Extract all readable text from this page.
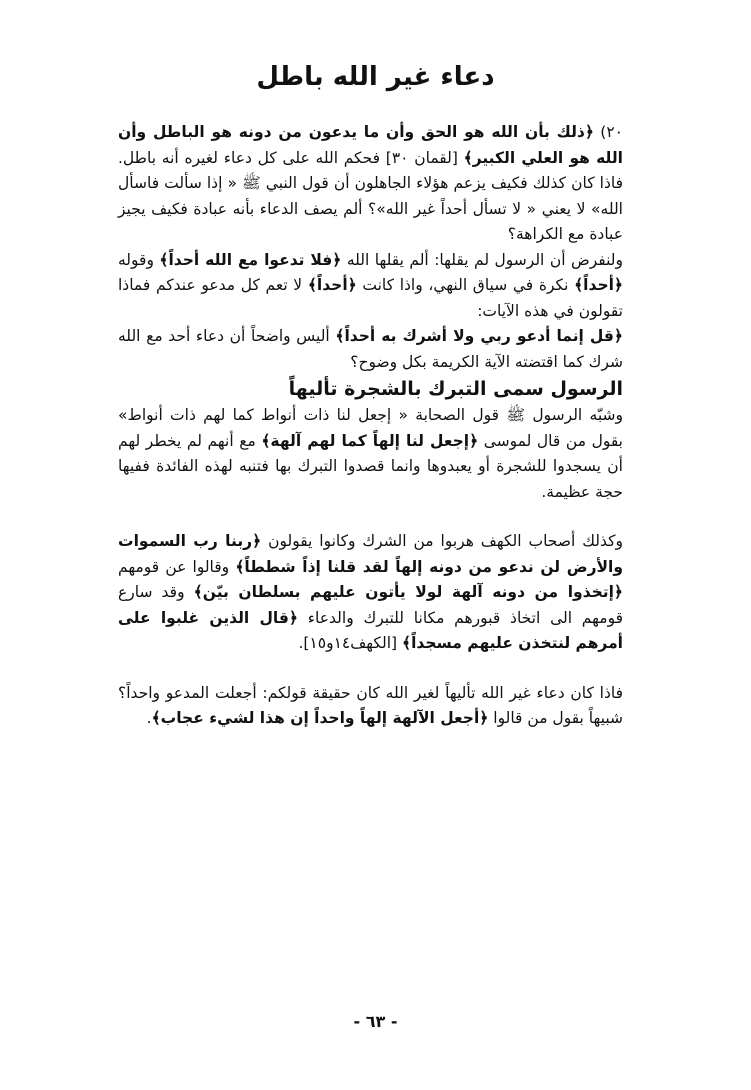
دعاء غير الله باطل

٢٠) ﴿ذلك بأن الله هو الحق وأن ما يدعون من دونه هو الباطل وأن الله هو العلي الكبير﴾ [لقمان ٣٠] فحكم الله على كل دعاء لغيره أنه باطل. فاذا كان كذلك فكيف يزعم هؤلاء الجاهلون أن قول النبي ﷺ « إذا سألت فاسأل الله» لا يعني « لا تسأل أحداً غير الله»؟ ألم يصف الدعاء بأنه عبادة فكيف يجيز عبادة مع الكراهة؟

ولنفرض أن الرسول لم يقلها: ألم يقلها الله ﴿فلا تدعوا مع الله أحداً﴾ وقوله ﴿أحداً﴾ نكرة في سياق النهي، واذا كانت ﴿أحداً﴾ لا تعم كل مدعو عندكم فماذا تقولون في هذه الآيات:

﴿قل إنما أدعو ربي ولا أشرك به أحداً﴾ أليس واضحاً أن دعاء أحد مع الله شرك كما اقتضته الآية الكريمة بكل وضوح؟

الرسول سمى التبرك بالشجرة تأليهاً

وشبّه الرسول ﷺ قول الصحابة « إجعل لنا ذات أنواط كما لهم ذات أنواط» بقول من قال لموسى ﴿إجعل لنا إلهاً كما لهم آلهة﴾ مع أنهم لم يخطر لهم أن يسجدوا للشجرة أو يعبدوها وانما قصدوا التبرك بها فتنبه لهذه الفائدة ففيها حجة عظيمة.

وكذلك أصحاب الكهف هربوا من الشرك وكانوا يقولون ﴿ربنا رب السموات والأرض لن ندعو من دونه إلهاً لقد قلنا إذاً شططاً﴾ وقالوا عن قومهم ﴿إتخذوا من دونه آلهة لولا يأتون عليهم بسلطان بيّن﴾ وقد سارع قومهم الى اتخاذ قبورهم مكانا للتبرك والدعاء ﴿قال الذين غلبوا على أمرهم لنتخذن عليهم مسجداً﴾ [الكهف١٤و١٥].

فاذا كان دعاء غير الله تأليهاً لغير الله كان حقيقة قولكم: أجعلت المدعو واحداً؟ شبيهاً بقول من قالوا ﴿أجعل الآلهة إلهاً واحداً إن هذا لشيء عجاب﴾.

- ٦٣ -
